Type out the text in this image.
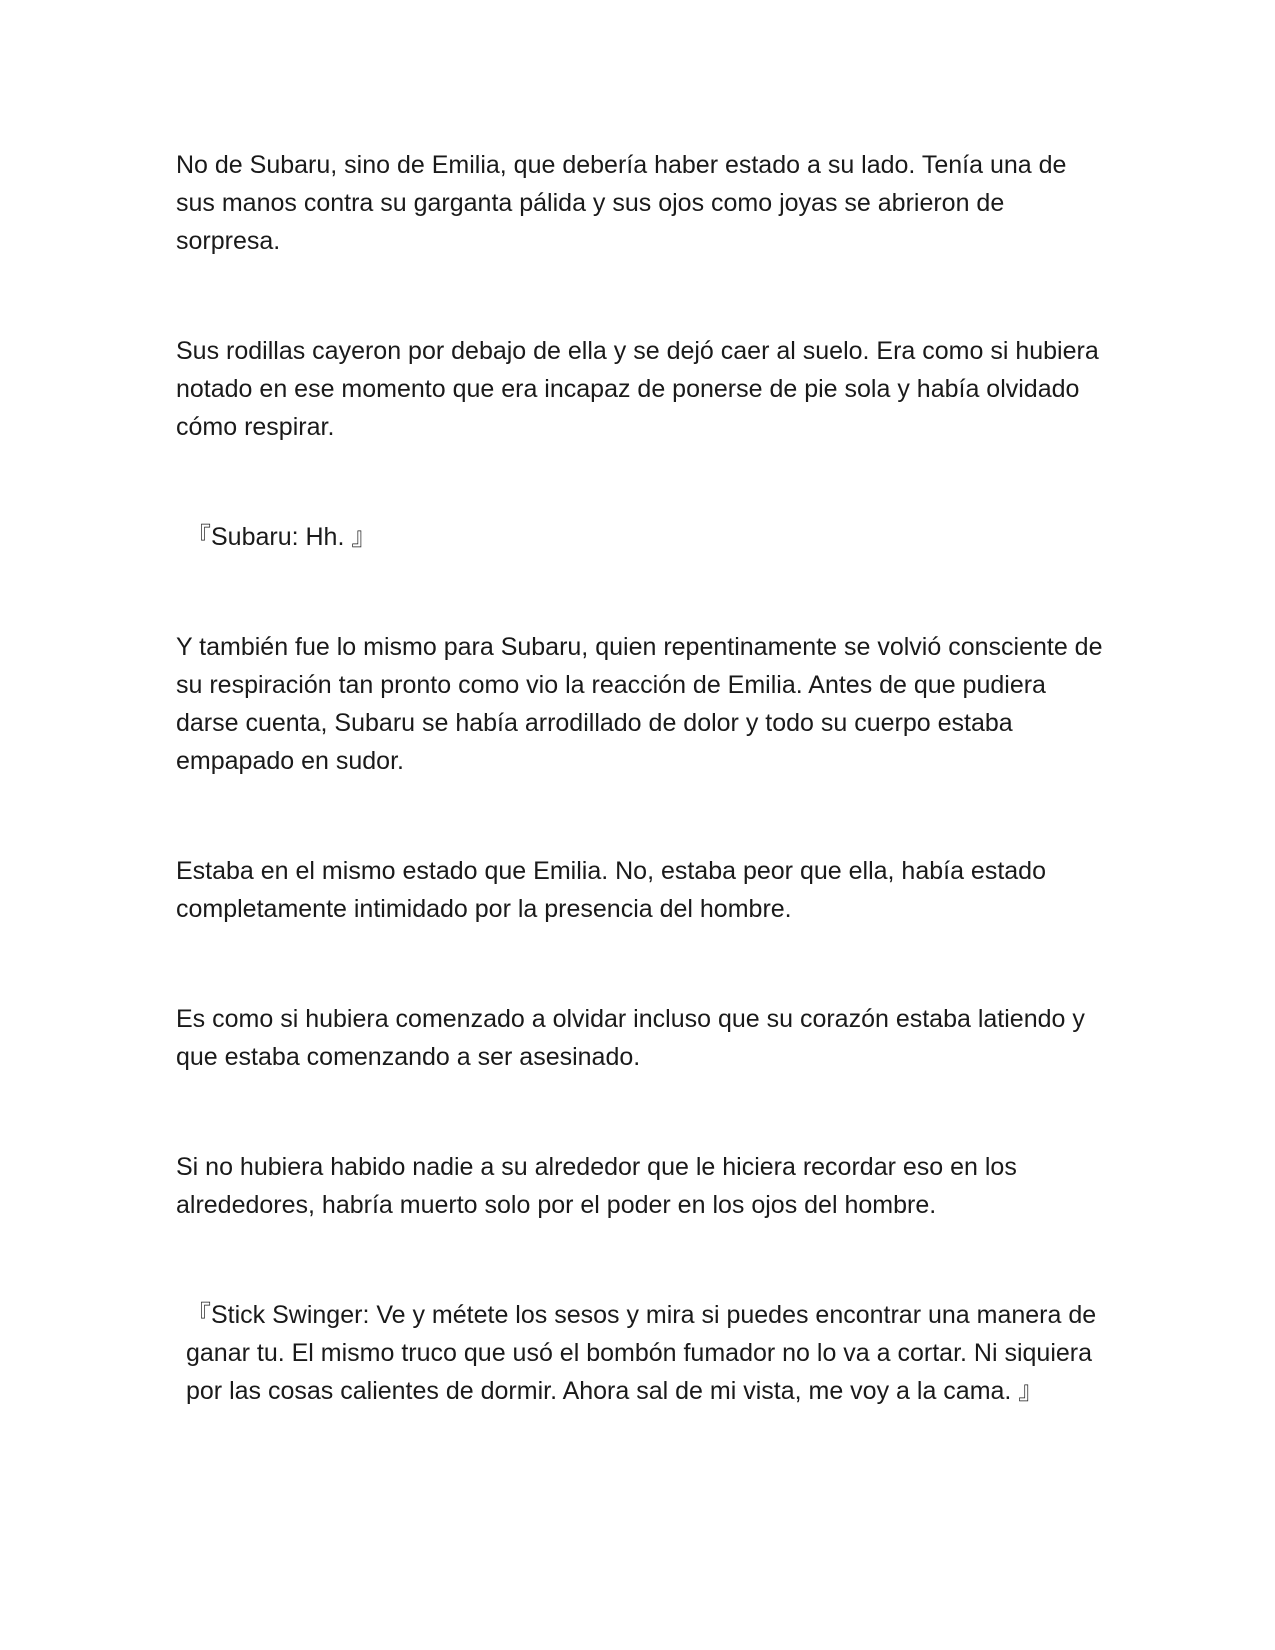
No de Subaru, sino de Emilia, que debería haber estado a su lado. Tenía una de sus manos contra su garganta pálida y sus ojos como joyas se abrieron de sorpresa.

Sus rodillas cayeron por debajo de ella y se dejó caer al suelo. Era como si hubiera notado en ese momento que era incapaz de ponerse de pie sola y había olvidado cómo respirar.

『Subaru: Hh. 』

Y también fue lo mismo para Subaru, quien repentinamente se volvió consciente de su respiración tan pronto como vio la reacción de Emilia. Antes de que pudiera darse cuenta, Subaru se había arrodillado de dolor y todo su cuerpo estaba empapado en sudor.

Estaba en el mismo estado que Emilia. No, estaba peor que ella, había estado completamente intimidado por la presencia del hombre.

Es como si hubiera comenzado a olvidar incluso que su corazón estaba latiendo y que estaba comenzando a ser asesinado.

Si no hubiera habido nadie a su alrededor que le hiciera recordar eso en los alrededores, habría muerto solo por el poder en los ojos del hombre.

『Stick Swinger: Ve y métete los sesos y mira si puedes encontrar una manera de ganar tu. El mismo truco que usó el bombón fumador no lo va a cortar. Ni siquiera por las cosas calientes de dormir. Ahora sal de mi vista, me voy a la cama. 』
